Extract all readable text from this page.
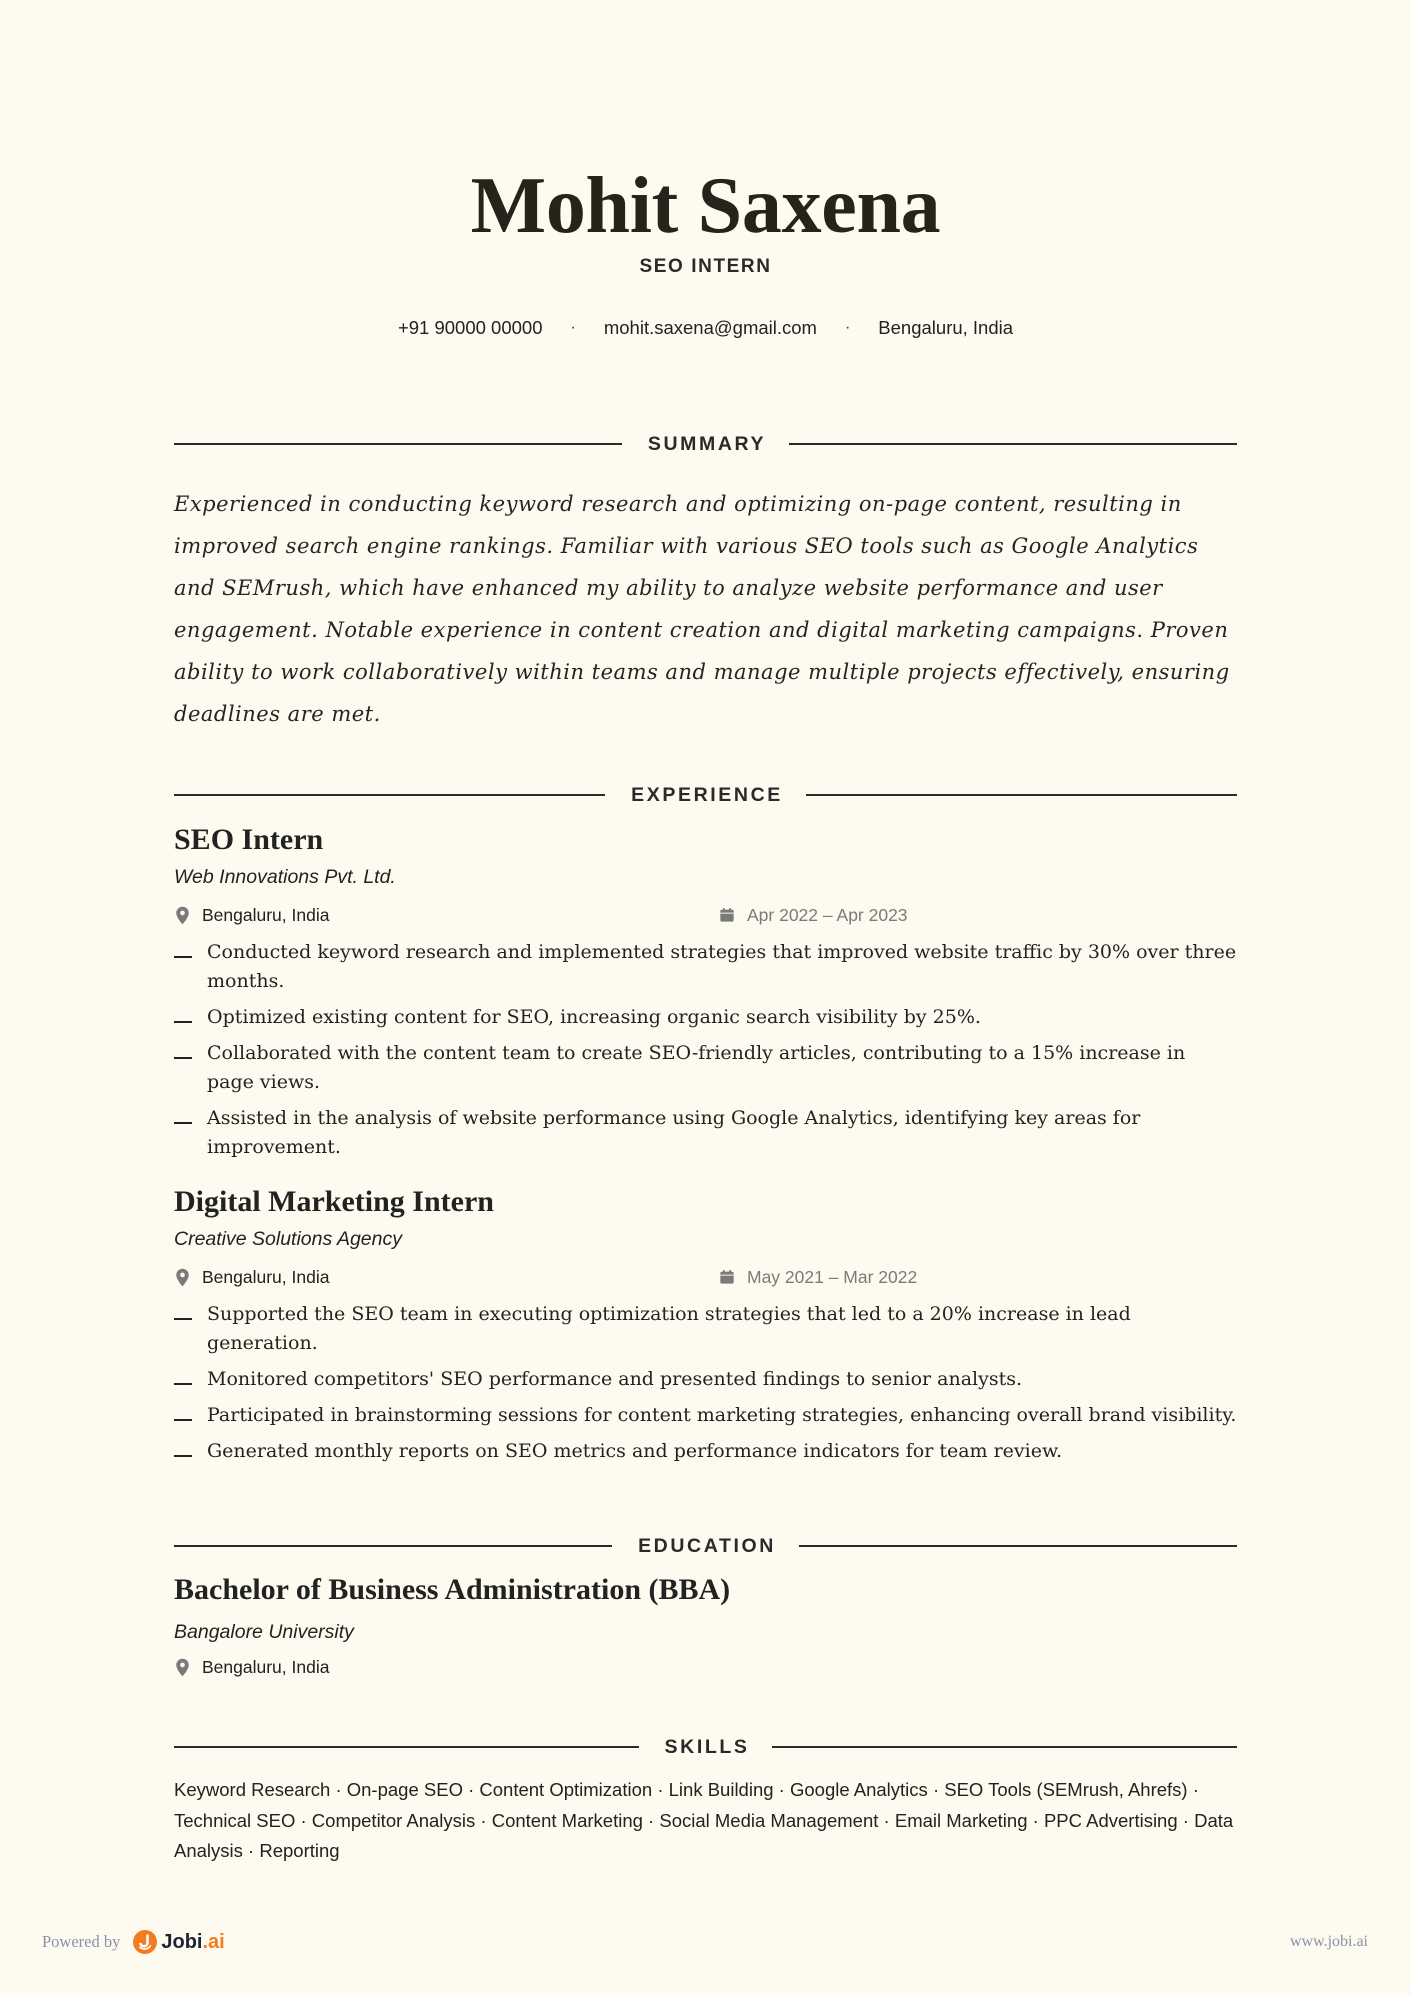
Mohit Saxena
SEO INTERN
+91 90000 00000 · mohit.saxena@gmail.com · Bengaluru, India
SUMMARY

Experienced in conducting keyword research and optimizing on-page content, resulting in improved search engine rankings. Familiar with various SEO tools such as Google Analytics and SEMrush, which have enhanced my ability to analyze website performance and user engagement. Notable experience in content creation and digital marketing campaigns. Proven ability to work collaboratively within teams and manage multiple projects effectively, ensuring deadlines are met.

EXPERIENCE
SEO Intern
Web Innovations Pvt. Ltd.
Bengaluru, India	Apr 2022 – Apr 2023
Conducted keyword research and implemented strategies that improved website traffic by 30% over three months.
Optimized existing content for SEO, increasing organic search visibility by 25%.
Collaborated with the content team to create SEO-friendly articles, contributing to a 15% increase in page views.
Assisted in the analysis of website performance using Google Analytics, identifying key areas for improvement.
Digital Marketing Intern
Creative Solutions Agency
Bengaluru, India	May 2021 – Mar 2022
Supported the SEO team in executing optimization strategies that led to a 20% increase in lead generation.
Monitored competitors' SEO performance and presented findings to senior analysts.
Participated in brainstorming sessions for content marketing strategies, enhancing overall brand visibility.
Generated monthly reports on SEO metrics and performance indicators for team review.
EDUCATION
Bachelor of Business Administration (BBA)
Bangalore University
Bengaluru, India
SKILLS

Keyword Research · On-page SEO · Content Optimization · Link Building · Google Analytics · SEO Tools (SEMrush, Ahrefs) · Technical SEO · Competitor Analysis · Content Marketing · Social Media Management · Email Marketing · PPC Advertising · Data Analysis · Reporting

Powered by Jobi.ai	www.jobi.ai
